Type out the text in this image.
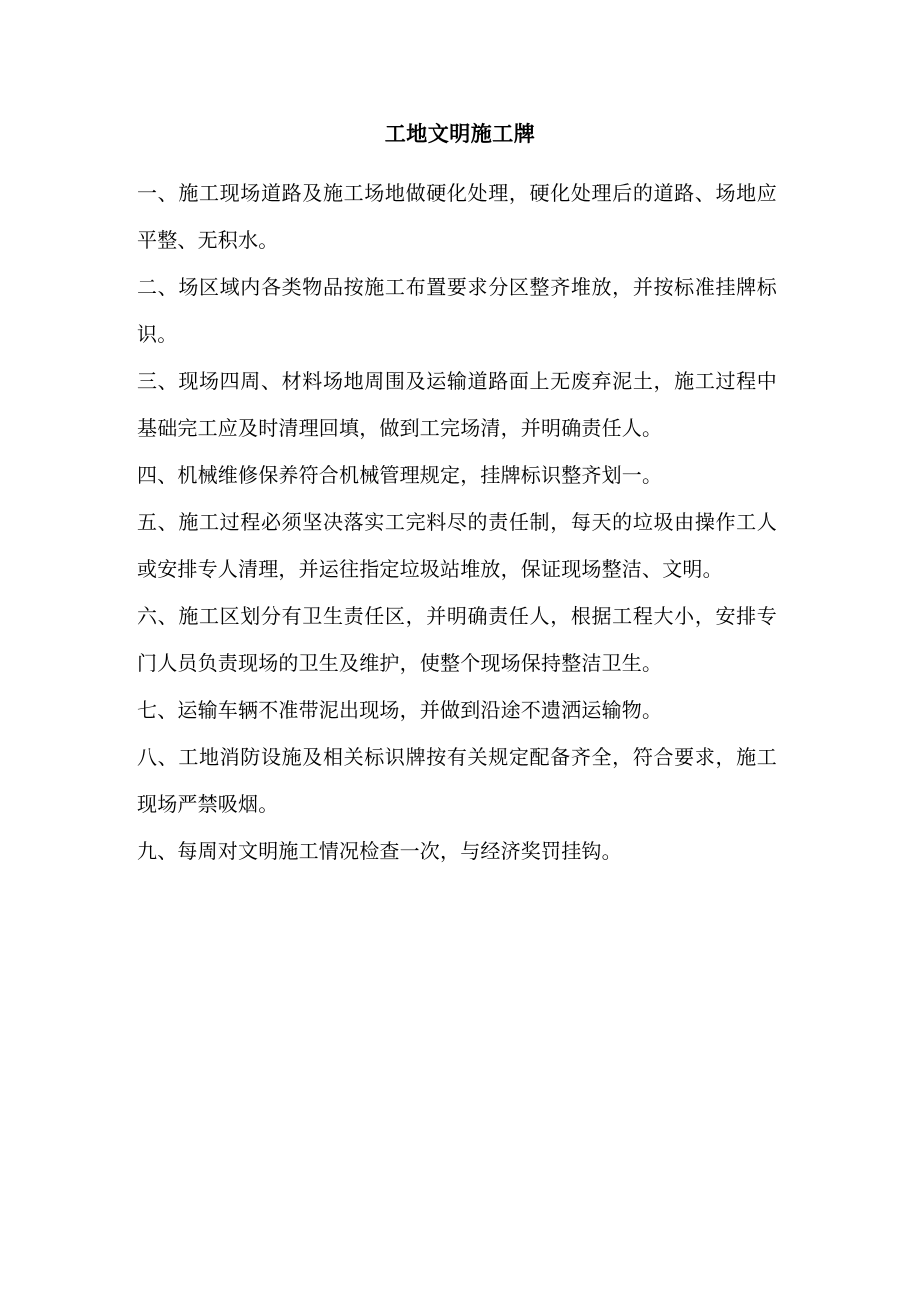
工地文明施工牌
一、施工现场道路及施工场地做硬化处理，硬化处理后的道路、场地应平整、无积水。
二、场区域内各类物品按施工布置要求分区整齐堆放，并按标准挂牌标识。
三、现场四周、材料场地周围及运输道路面上无废弃泥土，施工过程中基础完工应及时清理回填，做到工完场清，并明确责任人。
四、机械维修保养符合机械管理规定，挂牌标识整齐划一。
五、施工过程必须坚决落实工完料尽的责任制，每天的垃圾由操作工人或安排专人清理，并运往指定垃圾站堆放，保证现场整洁、文明。
六、施工区划分有卫生责任区，并明确责任人，根据工程大小，安排专门人员负责现场的卫生及维护，使整个现场保持整洁卫生。
七、运输车辆不准带泥出现场，并做到沿途不遗洒运输物。
八、工地消防设施及相关标识牌按有关规定配备齐全，符合要求，施工现场严禁吸烟。
九、每周对文明施工情况检查一次，与经济奖罚挂钩。
